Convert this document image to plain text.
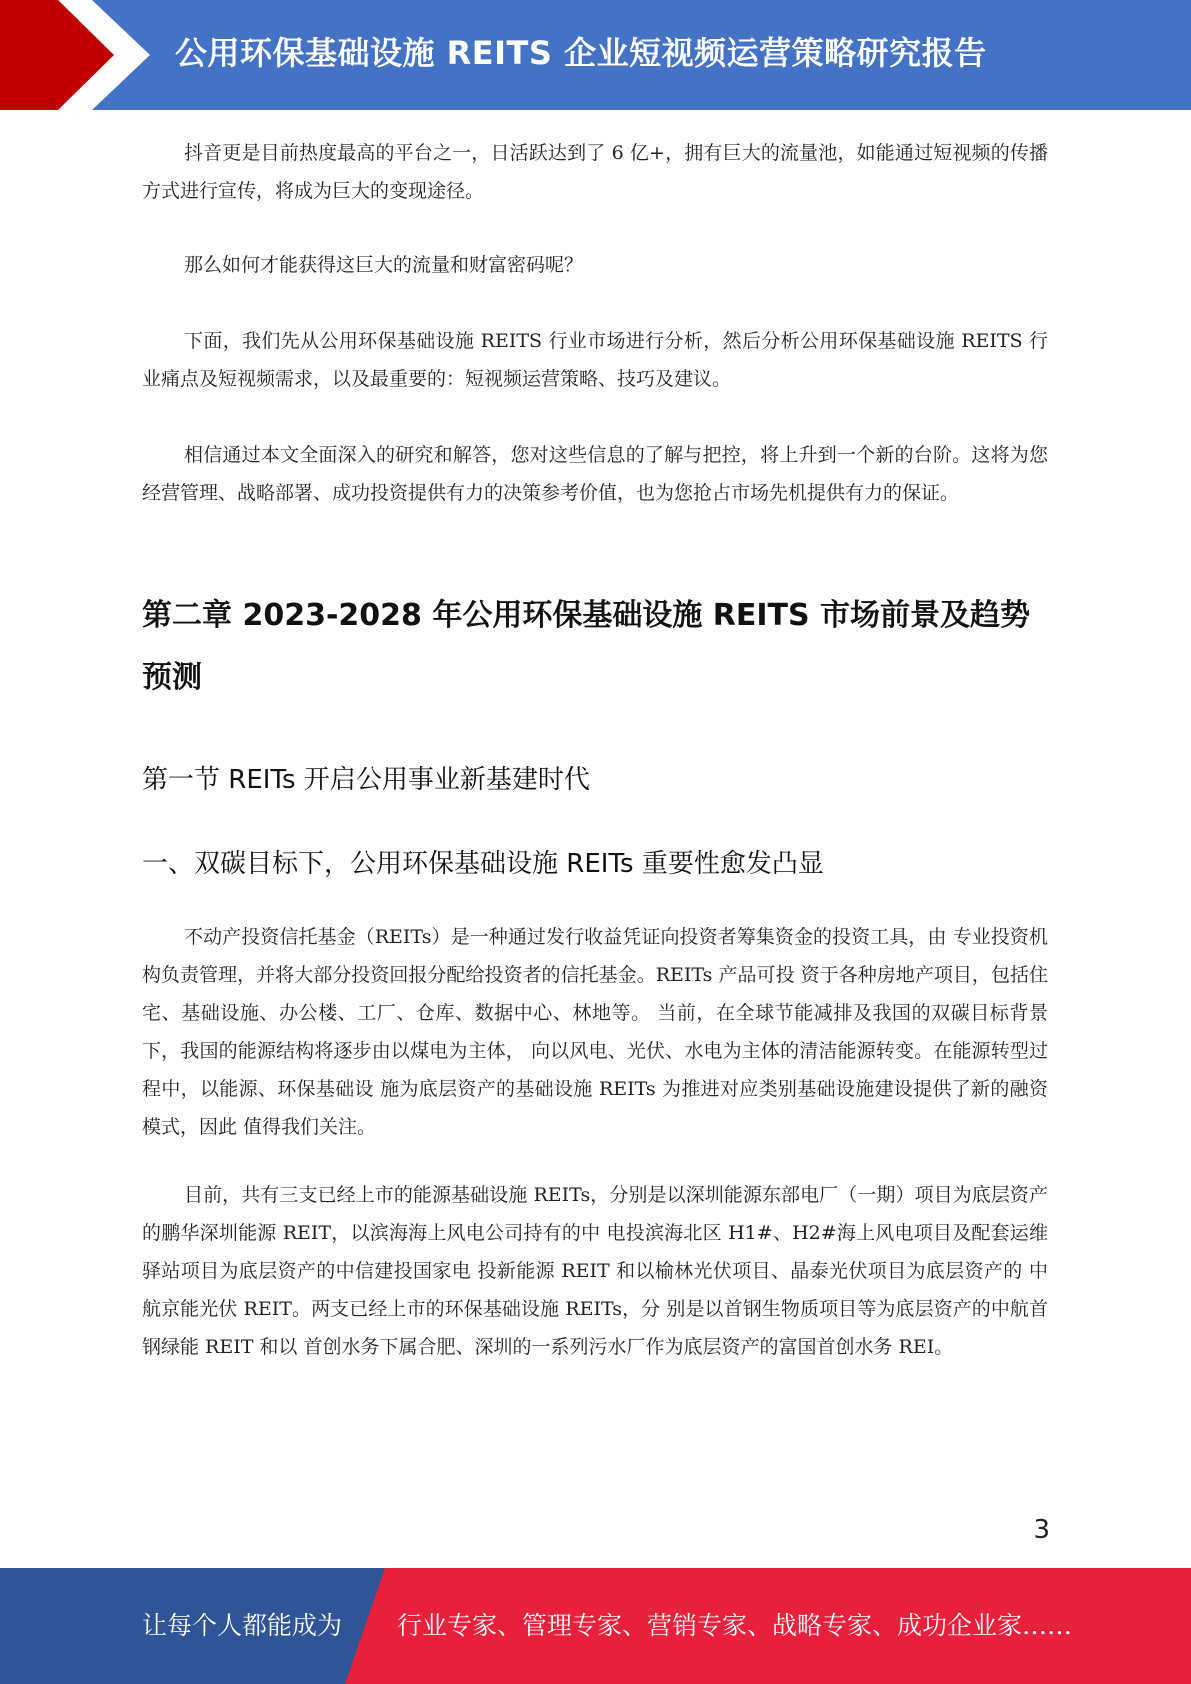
公用环保基础设施 REITS 企业短视频运营策略研究报告

抖音更是目前热度最高的平台之一，日活跃达到了 6 亿+，拥有巨大的流量池，如能通过短视频的传播方式进行宣传，将成为巨大的变现途径。

那么如何才能获得这巨大的流量和财富密码呢？

下面，我们先从公用环保基础设施 REITS 行业市场进行分析，然后分析公用环保基础设施 REITS 行业痛点及短视频需求，以及最重要的：短视频运营策略、技巧及建议。

相信通过本文全面深入的研究和解答，您对这些信息的了解与把控，将上升到一个新的台阶。这将为您经营管理、战略部署、成功投资提供有力的决策参考价值，也为您抢占市场先机提供有力的保证。

第二章 2023-2028 年公用环保基础设施 REITS 市场前景及趋势预测
第一节 REITs 开启公用事业新基建时代
一、双碳目标下，公用环保基础设施 REITs 重要性愈发凸显

不动产投资信托基金（REITs）是一种通过发行收益凭证向投资者筹集资金的投资工具，由 专业投资机构负责管理，并将大部分投资回报分配给投资者的信托基金。REITs 产品可投 资于各种房地产项目，包括住宅、基础设施、办公楼、工厂、仓库、数据中心、林地等。 当前，在全球节能减排及我国的双碳目标背景下，我国的能源结构将逐步由以煤电为主体， 向以风电、光伏、水电为主体的清洁能源转变。在能源转型过程中，以能源、环保基础设 施为底层资产的基础设施 REITs 为推进对应类别基础设施建设提供了新的融资模式，因此 值得我们关注。

目前，共有三支已经上市的能源基础设施 REITs，分别是以深圳能源东部电厂（一期）项目为底层资产的鹏华深圳能源 REIT，以滨海海上风电公司持有的中 电投滨海北区 H1#、H2#海上风电项目及配套运维驿站项目为底层资产的中信建投国家电 投新能源 REIT 和以榆林光伏项目、晶泰光伏项目为底层资产的 中航京能光伏 REIT。两支已经上市的环保基础设施 REITs，分 别是以首钢生物质项目等为底层资产的中航首钢绿能 REIT 和以 首创水务下属合肥、深圳的一系列污水厂作为底层资产的富国首创水务 REI。

3
让每个人都能成为 行业专家、管理专家、营销专家、战略专家、成功企业家……
